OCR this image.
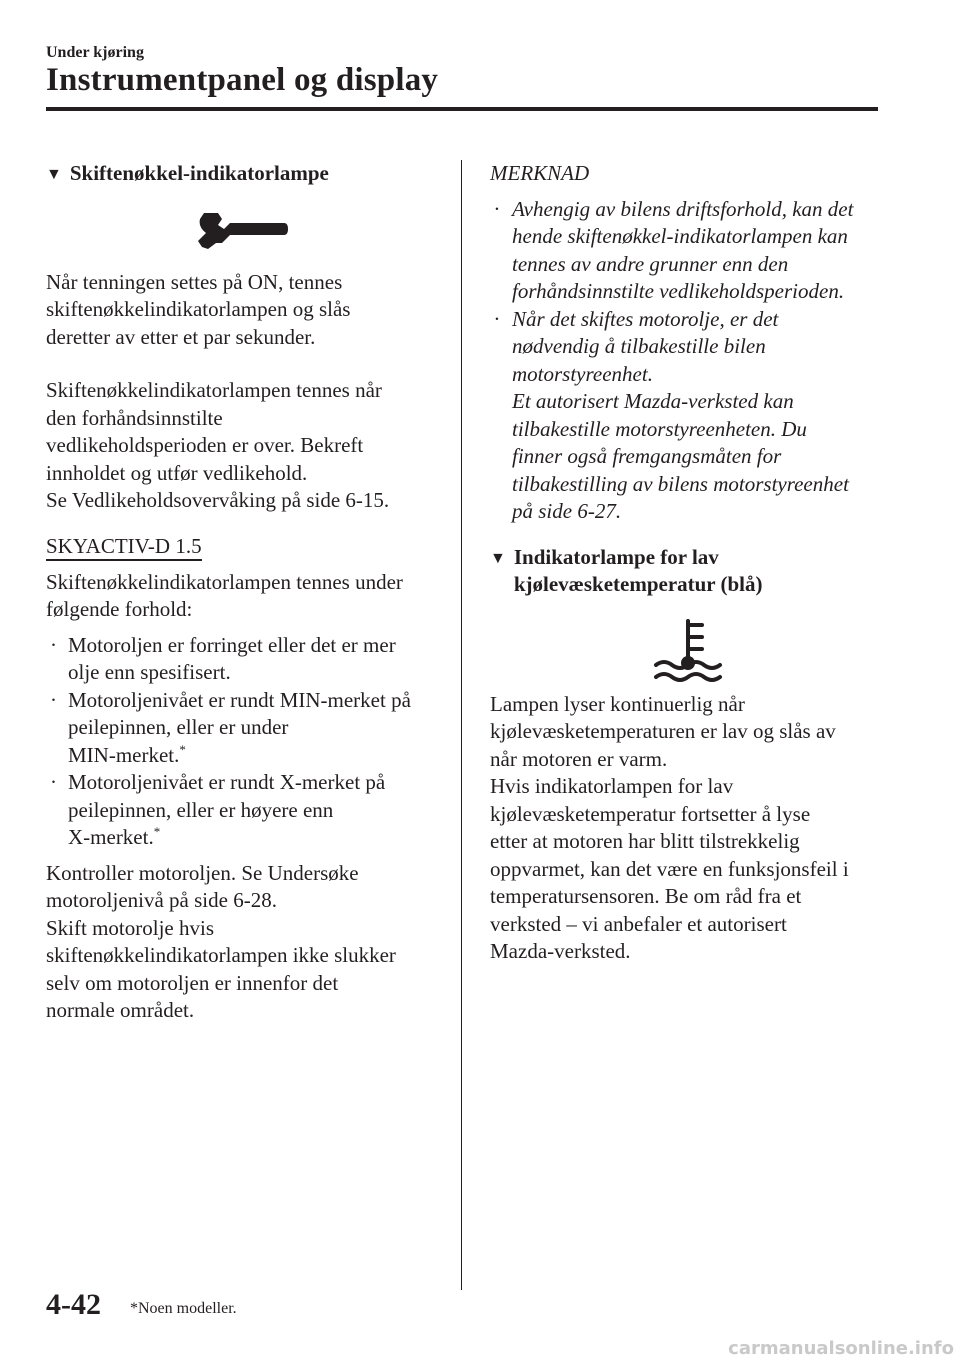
Under kjøring
Instrumentpanel og display
▼ Skiftenøkkel-indikatorlampe

Når tenningen settes på ON, tennes skiftenøkkelindikatorlampen og slås deretter av etter et par sekunder.

Skiftenøkkelindikatorlampen tennes når
den forhåndsinnstilte
vedlikeholdsperioden er over. Bekreft
innholdet og utfør vedlikehold.
Se Vedlikeholdsovervåking på side 6-15.
SKYACTIV-D 1.5
Skiftenøkkelindikatorlampen tennes under
følgende forhold:
· Motoroljen er forringet eller det er mer
olje enn spesifisert.
· Motoroljenivået er rundt MIN-merket på
peilepinnen, eller er under
MIN-merket.*
· Motoroljenivået er rundt X-merket på
peilepinnen, eller er høyere enn
X-merket.*
Kontroller motoroljen. Se Undersøke
motoroljenivå på side 6-28.
Skift motorolje hvis
skiftenøkkelindikatorlampen ikke slukker
selv om motoroljen er innenfor det
normale området.
MERKNAD
· Avhengig av bilens driftsforhold, kan det
hende skiftenøkkel-indikatorlampen kan
tennes av andre grunner enn den
forhåndsinnstilte vedlikeholdsperioden.
· Når det skiftes motorolje, er det
nødvendig å tilbakestille bilen
motorstyreenhet.
Et autorisert Mazda-verksted kan
tilbakestille motorstyreenheten. Du
finner også fremgangsmåten for
tilbakestilling av bilens motorstyreenhet
på side 6-27.
▼ Indikatorlampe for lav
kjølevæsketemperatur (blå)
Lampen lyser kontinuerlig når
kjølevæsketemperaturen er lav og slås av
når motoren er varm.
Hvis indikatorlampen for lav
kjølevæsketemperatur fortsetter å lyse
etter at motoren har blitt tilstrekkelig
oppvarmet, kan det være en funksjonsfeil i
temperatursensoren. Be om råd fra et
verksted – vi anbefaler et autorisert
Mazda-verksted.
4-42 *Noen modeller.
carmanualsonline.info
